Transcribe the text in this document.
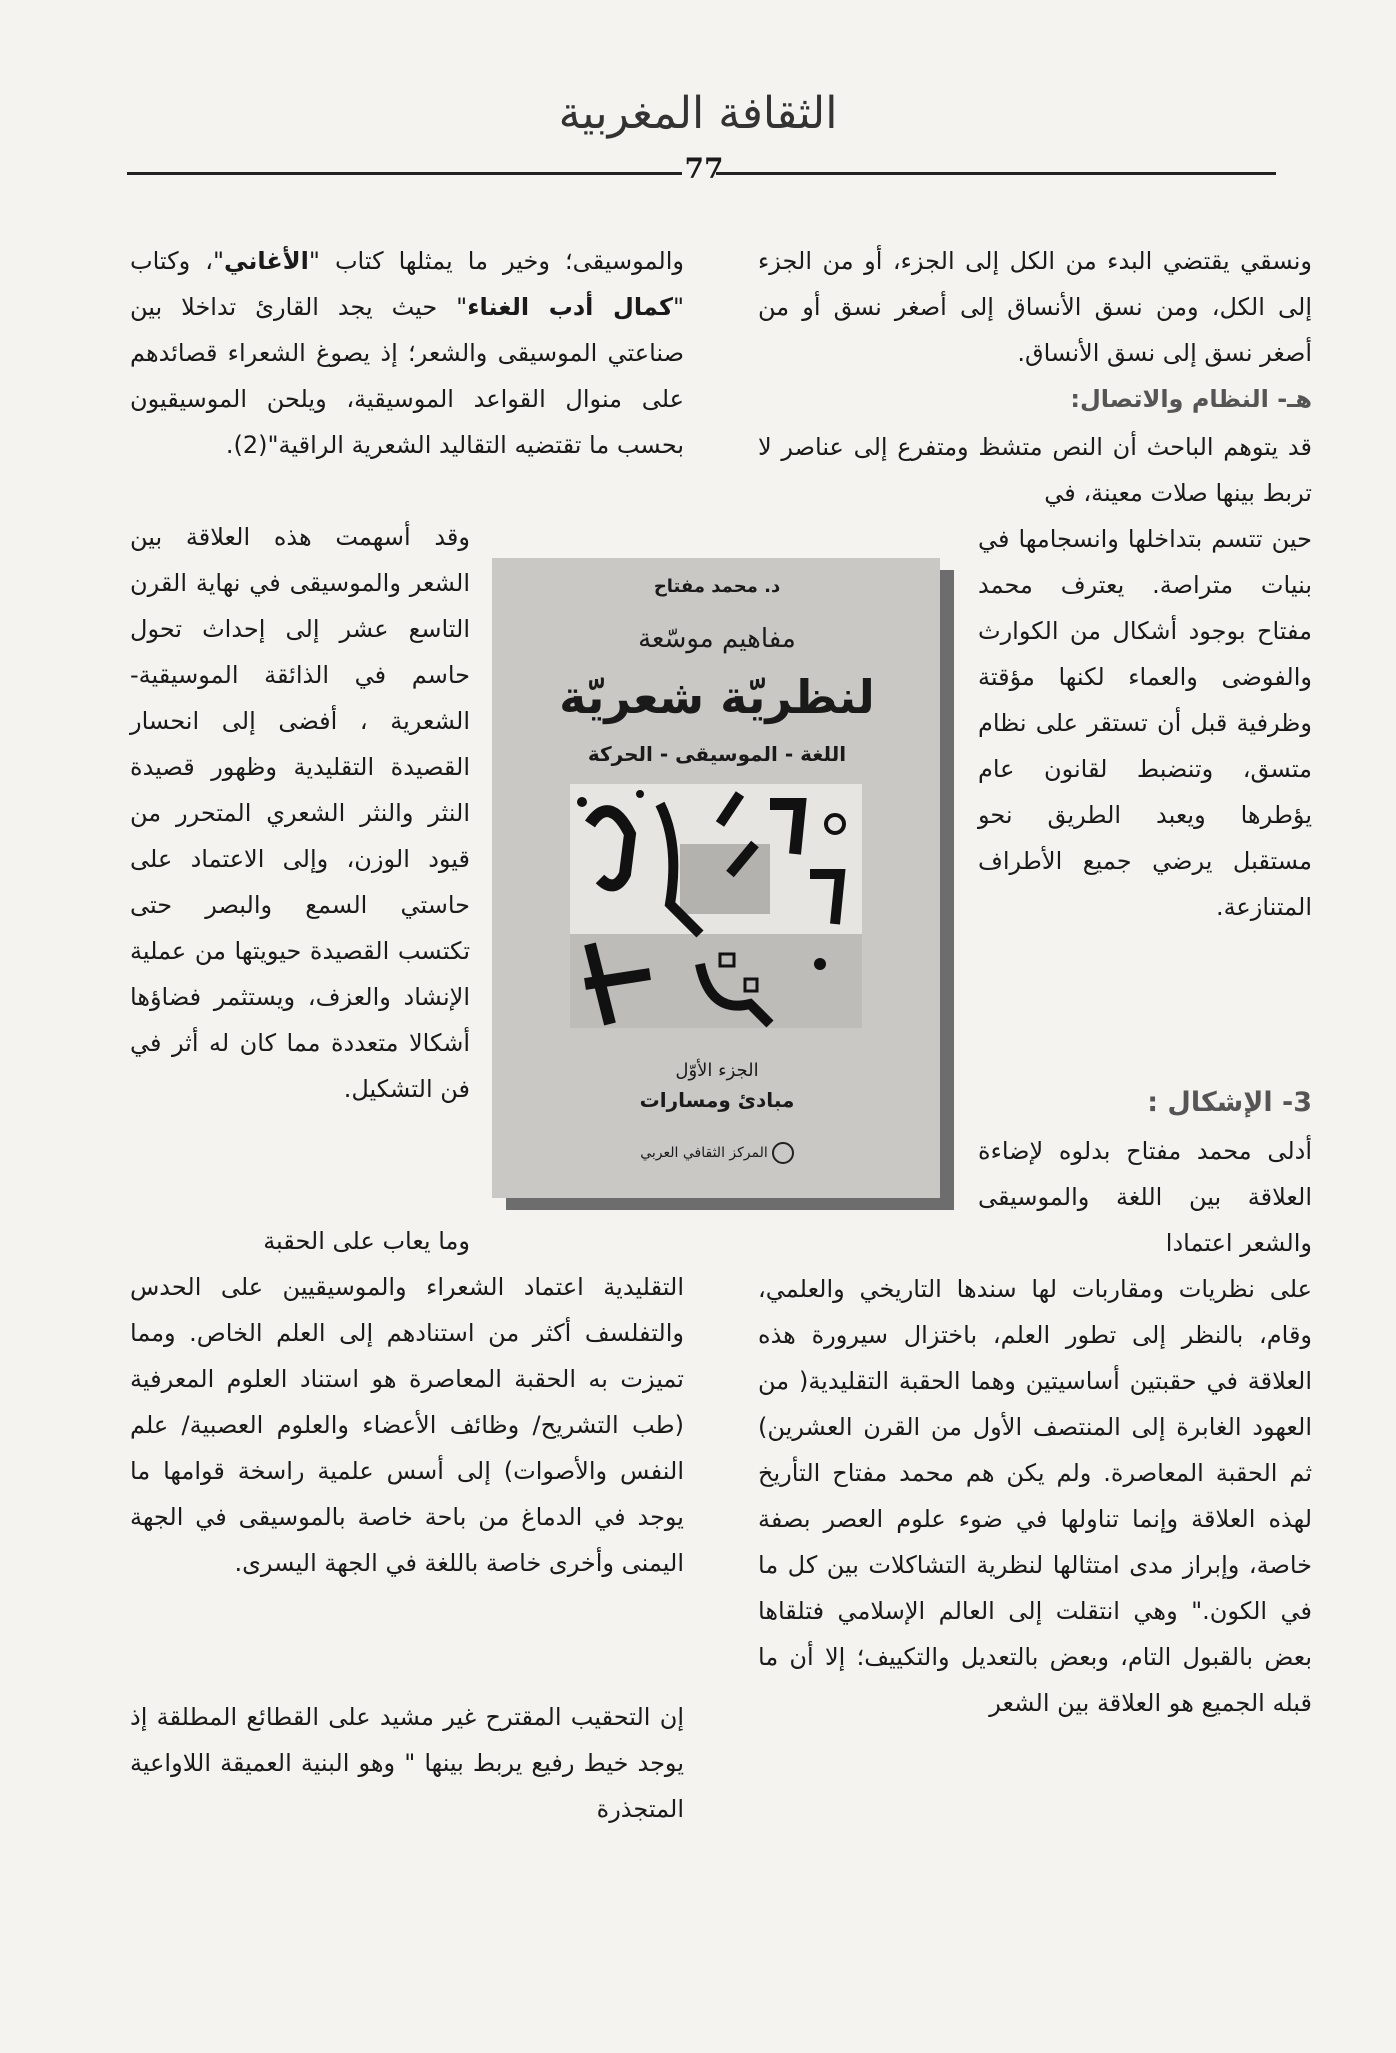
الثقافة المغربية
77

ونسقي يقتضي البدء من الكل إلى الجزء، أو من الجزء إلى الكل، ومن نسق الأنساق إلى أصغر نسق أو من أصغر نسق إلى نسق الأنساق.

هـ- النظام والاتصال:

قد يتوهم الباحث أن النص متشظ ومتفرع إلى عناصر لا تربط بينها صلات معينة، في

حين تتسم بتداخلها وانسجامها في بنيات متراصة. يعترف محمد مفتاح بوجود أشكال من الكوارث والفوضى والعماء لكنها مؤقتة وظرفية قبل أن تستقر على نظام متسق، وتنضبط لقانون عام يؤطرها ويعبد الطريق نحو مستقبل يرضي جميع الأطراف المتنازعة.

3- الإشكال :

أدلى محمد مفتاح بدلوه لإضاءة العلاقة بين اللغة والموسيقى والشعر اعتمادا

على نظريات ومقاربات لها سندها التاريخي والعلمي، وقام، بالنظر إلى تطور العلم، باختزال سيرورة هذه العلاقة في حقبتين أساسيتين وهما الحقبة التقليدية( من العهود الغابرة إلى المنتصف الأول من القرن العشرين) ثم الحقبة المعاصرة. ولم يكن هم محمد مفتاح التأريخ لهذه العلاقة وإنما تناولها في ضوء علوم العصر بصفة خاصة، وإبراز مدى امتثالها لنظرية التشاكلات بين كل ما في الكون." وهي انتقلت إلى العالم الإسلامي فتلقاها بعض بالقبول التام، وبعض بالتعديل والتكييف؛ إلا أن ما قبله الجميع هو العلاقة بين الشعر

والموسيقى؛ وخير ما يمثلها كتاب "الأغاني"، وكتاب "كمال أدب الغناء" حيث يجد القارئ تداخلا بين صناعتي الموسيقى والشعر؛ إذ يصوغ الشعراء قصائدهم على منوال القواعد الموسيقية، ويلحن الموسيقيون بحسب ما تقتضيه التقاليد الشعرية الراقية"(2).

وقد أسهمت هذه العلاقة بين الشعر والموسيقى في نهاية القرن التاسع عشر إلى إحداث تحول حاسم في الذائقة الموسيقية-الشعرية ، أفضى إلى انحسار القصيدة التقليدية وظهور قصيدة النثر والنثر الشعري المتحرر من قيود الوزن، وإلى الاعتماد على حاستي السمع والبصر حتى تكتسب القصيدة حيويتها من عملية الإنشاد والعزف، ويستثمر فضاؤها أشكالا متعددة مما كان له أثر في فن التشكيل.

وما يعاب على الحقبة

التقليدية اعتماد الشعراء والموسيقيين على الحدس والتفلسف أكثر من استنادهم إلى العلم الخاص. ومما تميزت به الحقبة المعاصرة هو استناد العلوم المعرفية (طب التشريح/ وظائف الأعضاء والعلوم العصبية/ علم النفس والأصوات) إلى أسس علمية راسخة قوامها ما يوجد في الدماغ من باحة خاصة بالموسيقى في الجهة اليمنى وأخرى خاصة باللغة في الجهة اليسرى.

إن التحقيب المقترح غير مشيد على القطائع المطلقة إذ يوجد خيط رفيع يربط بينها " وهو البنية العميقة اللاواعية المتجذرة

د. محمد مفتاح
مفاهيم موسّعة
لنظريّة شعريّة
اللغة - الموسيقى - الحركة
الجزء الأوّل
مبادئ ومسارات
المركز الثقافي العربي
